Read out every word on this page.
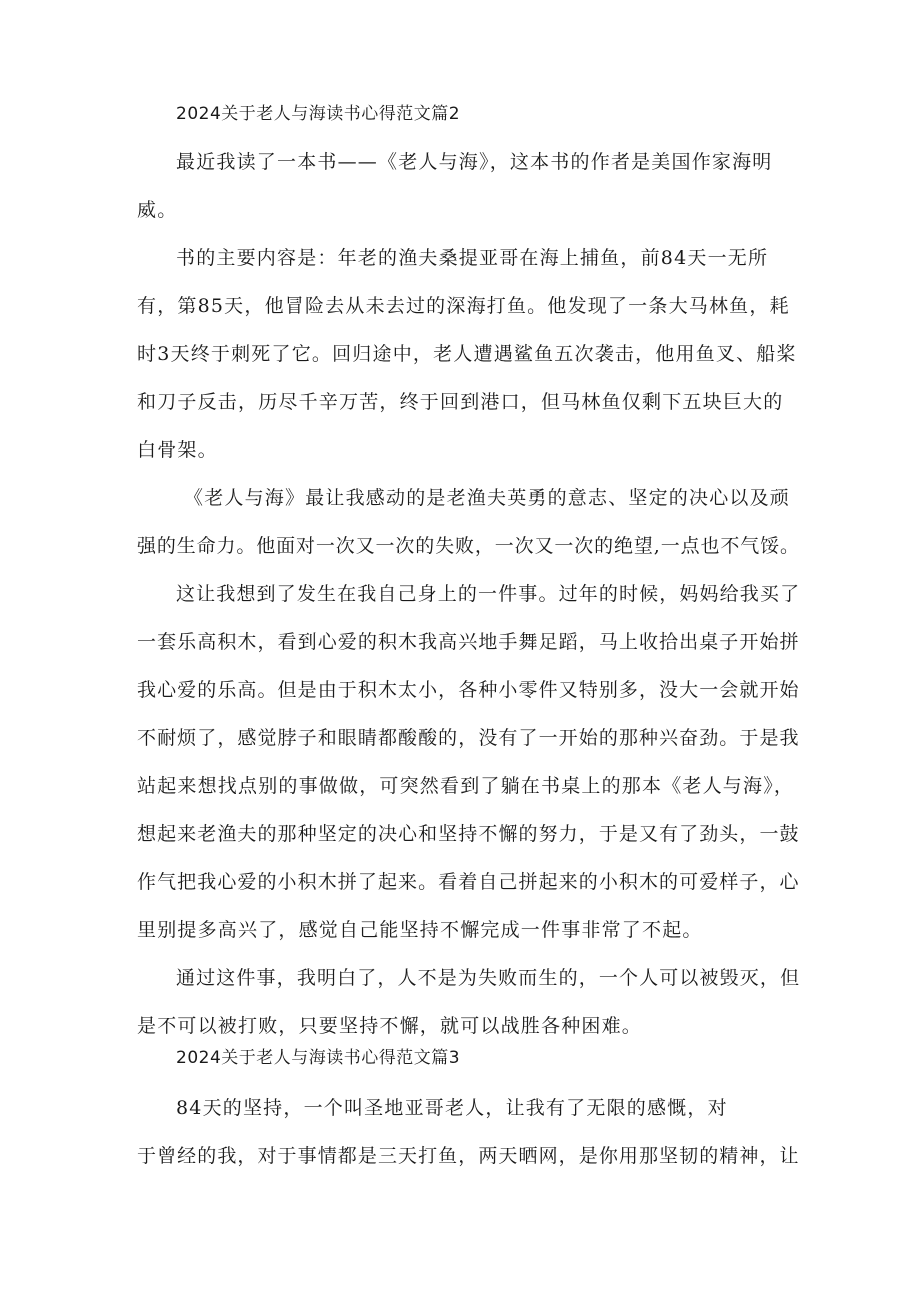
2024关于老人与海读书心得范文篇2
最近我读了一本书——《老人与海》，这本书的作者是美国作家海明
威。
书的主要内容是：年老的渔夫桑提亚哥在海上捕鱼，前84天一无所
有，第85天，他冒险去从未去过的深海打鱼。他发现了一条大马林鱼，耗
时3天终于刺死了它。回归途中，老人遭遇鲨鱼五次袭击，他用鱼叉、船桨
和刀子反击，历尽千辛万苦，终于回到港口，但马林鱼仅剩下五块巨大的
白骨架。
《老人与海》最让我感动的是老渔夫英勇的意志、坚定的决心以及顽
强的生命力。他面对一次又一次的失败，一次又一次的绝望,一点也不气馁。
这让我想到了发生在我自己身上的一件事。过年的时候，妈妈给我买了
一套乐高积木，看到心爱的积木我高兴地手舞足蹈，马上收拾出桌子开始拼
我心爱的乐高。但是由于积木太小，各种小零件又特别多，没大一会就开始
不耐烦了，感觉脖子和眼睛都酸酸的，没有了一开始的那种兴奋劲。于是我
站起来想找点别的事做做，可突然看到了躺在书桌上的那本《老人与海》，
想起来老渔夫的那种坚定的决心和坚持不懈的努力，于是又有了劲头，一鼓
作气把我心爱的小积木拼了起来。看着自己拼起来的小积木的可爱样子，心
里别提多高兴了，感觉自己能坚持不懈完成一件事非常了不起。
通过这件事，我明白了，人不是为失败而生的，一个人可以被毁灭，但
是不可以被打败，只要坚持不懈，就可以战胜各种困难。
2024关于老人与海读书心得范文篇3
84天的坚持，一个叫圣地亚哥老人，让我有了无限的感慨，对
于曾经的我，对于事情都是三天打鱼，两天晒网，是你用那坚韧的精神，让
